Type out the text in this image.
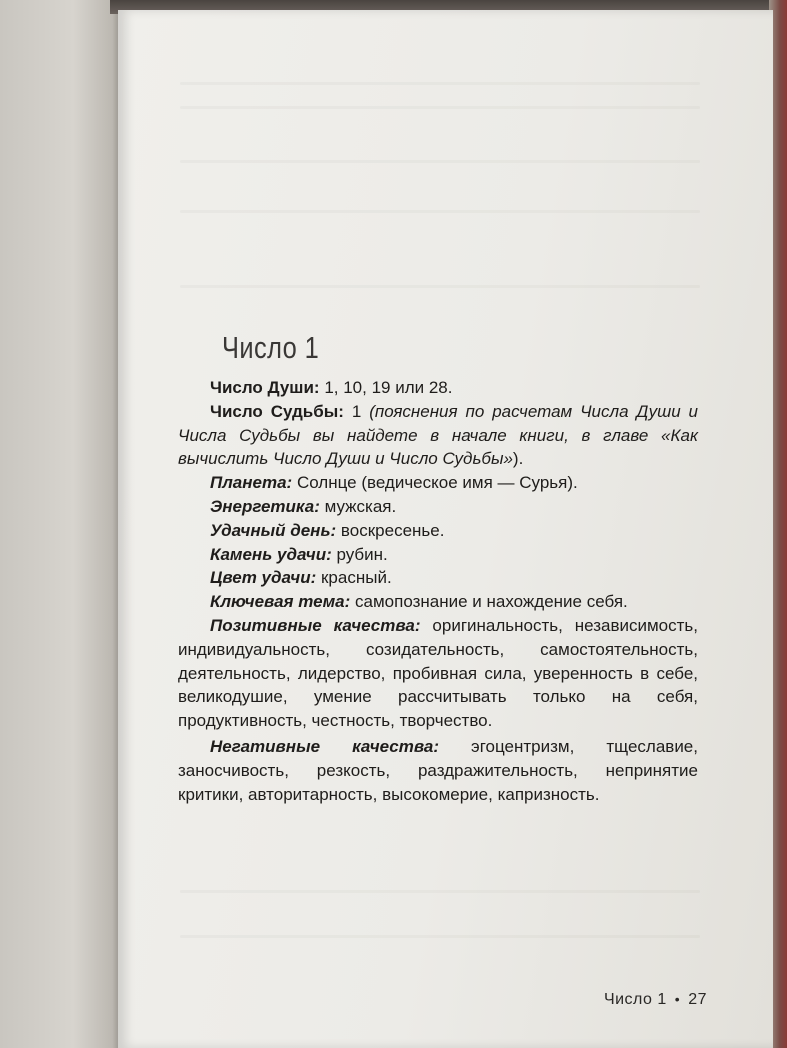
Число 1

Число Души: 1, 10, 19 или 28.

Число Судьбы: 1 (пояснения по расчетам Числа Души и Числа Судьбы вы найдете в начале книги, в главе «Как вычислить Число Души и Число Судьбы»).

Планета: Солнце (ведическое имя — Сурья).

Энергетика: мужская.

Удачный день: воскресенье.

Камень удачи: рубин.

Цвет удачи: красный.

Ключевая тема: самопознание и нахождение себя.

Позитивные качества: оригинальность, независимость, индивидуальность, созидательность, самостоятельность, деятельность, лидерство, пробивная сила, уверенность в себе, великодушие, умение рассчитывать только на себя, продуктивность, честность, творчество.

Негативные качества: эгоцентризм, тщеславие, заносчивость, резкость, раздражительность, непринятие критики, авторитарность, высокомерие, капризность.

Число 1 • 27
